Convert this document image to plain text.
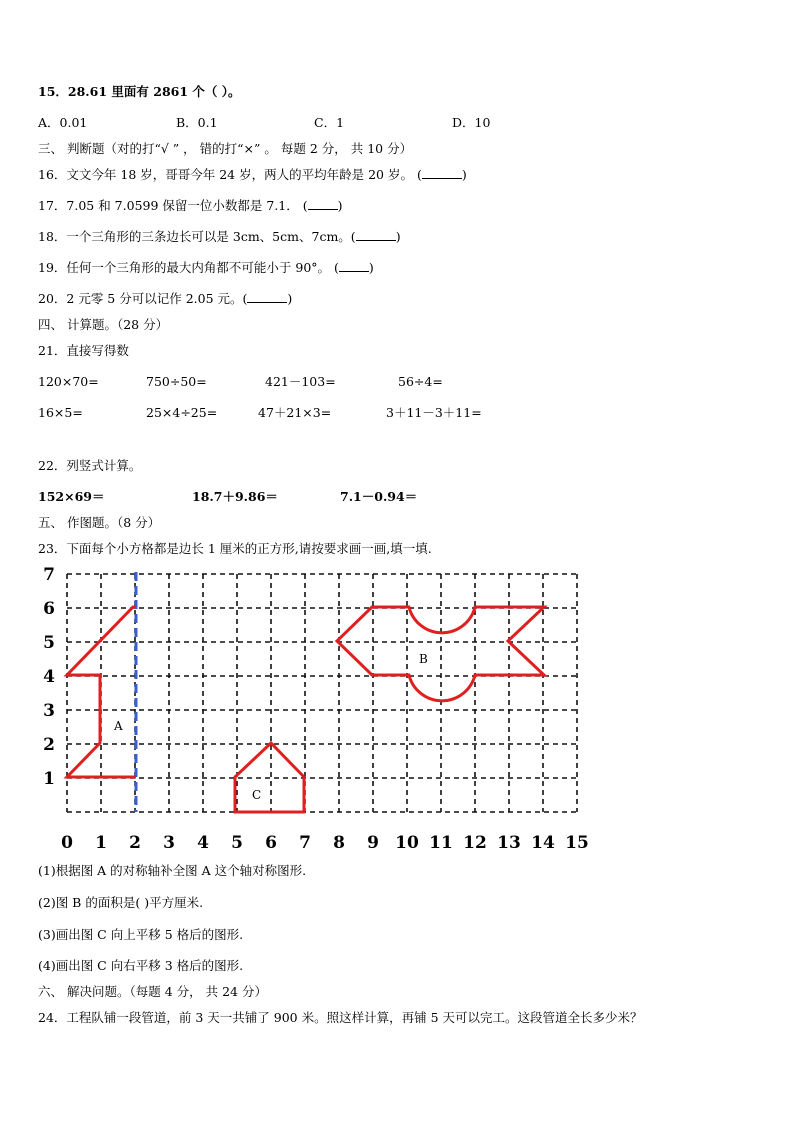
15．28.61 里面有 2861 个（ ）。
A．0.01	B．0.1	C．1	D．10
三、 判断题（对的打“√ ” ， 错的打“×” 。 每题 2 分， 共 10 分）
16．文文今年 18 岁，哥哥今年 24 岁，两人的平均年龄是 20 岁。 (	)
17．7.05 和 7.0599 保留一位小数都是 7.1． ( )
18．一个三角形的三条边长可以是 3cm、5cm、7cm。(	)
19．任何一个三角形的最大内角都不可能小于 90°。 ( )
20．2 元零 5 分可以记作 2.05 元。(	)
四、 计算题。（28 分）
21．直接写得数
120×70=	750÷50=	421－103=	56÷4=
16×5=	25×4÷25=	47＋21×3=	3＋11－3＋11=
22．列竖式计算。
152×69＝	18.7＋9.86＝	7.1－0.94＝
五、 作图题。（8 分）
23．下面每个小方格都是边长 1 厘米的正方形,请按要求画一画,填一填.
0 1 2 3 4 5 6 7 8 9 10 11 12 13 14 15
1
2
3
4
5
6
7
A
B
C
(1)根据图 A 的对称轴补全图 A 这个轴对称图形.
(2)图 B 的面积是( )平方厘米.
(3)画出图 C 向上平移 5 格后的图形.
(4)画出图 C 向右平移 3 格后的图形.
六、 解决问题。（每题 4 分， 共 24 分）
24．工程队铺一段管道，前 3 天一共铺了 900 米。照这样计算，再铺 5 天可以完工。这段管道全长多少米？
